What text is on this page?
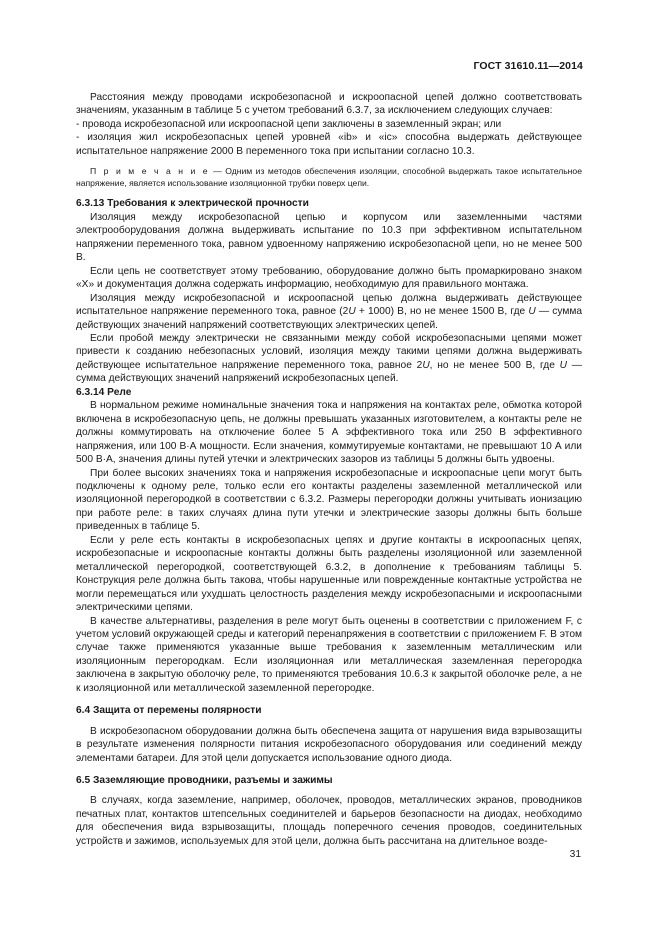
ГОСТ 31610.11—2014

Расстояния между проводами искробезопасной и искроопасной цепей должно соответствовать значениям, указанным в таблице 5 с учетом требований 6.3.7, за исключением следующих случаев:

- провода искробезопасной или искроопасной цепи заключены в заземленный экран; или

- изоляция жил искробезопасных цепей уровней «ib» и «ic» способна выдержать действующее испытательное напряжение 2000 В переменного тока при испытании согласно 10.3.

П р и м е ч а н и е — Одним из методов обеспечения изоляции, способной выдержать такое испытательное напряжение, является использование изоляционной трубки поверх цепи.

6.3.13 Требования к электрической прочности

Изоляция между искробезопасной цепью и корпусом или заземленными частями электрооборудования должна выдерживать испытание по 10.3 при эффективном испытательном напряжении переменного тока, равном удвоенному напряжению искробезопасной цепи, но не менее 500 В.

Если цепь не соответствует этому требованию, оборудование должно быть промаркировано знаком «Х» и документация должна содержать информацию, необходимую для правильного монтажа.

Изоляция между искробезопасной и искроопасной цепью должна выдерживать действующее испытательное напряжение переменного тока, равное (2U + 1000) В, но не менее 1500 В, где U — сумма действующих значений напряжений соответствующих электрических цепей.

Если пробой между электрически не связанными между собой искробезопасными цепями может привести к созданию небезопасных условий, изоляция между такими цепями должна выдерживать действующее испытательное напряжение переменного тока, равное 2U, но не менее 500 В, где U — сумма действующих значений напряжений искробезопасных цепей.

6.3.14 Реле

В нормальном режиме номинальные значения тока и напряжения на контактах реле, обмотка которой включена в искробезопасную цепь, не должны превышать указанных изготовителем, а контакты реле не должны коммутировать на отключение более 5 А эффективного тока или 250 В эффективного напряжения, или 100 В·А мощности. Если значения, коммутируемые контактами, не превышают 10 А или 500 В·А, значения длины путей утечки и электрических зазоров из таблицы 5 должны быть удвоены.

При более высоких значениях тока и напряжения искробезопасные и искроопасные цепи могут быть подключены к одному реле, только если его контакты разделены заземленной металлической или изоляционной перегородкой в соответствии с 6.3.2. Размеры перегородки должны учитывать ионизацию при работе реле: в таких случаях длина пути утечки и электрические зазоры должны быть больше приведенных в таблице 5.

Если у реле есть контакты в искробезопасных цепях и другие контакты в искроопасных цепях, искробезопасные и искроопасные контакты должны быть разделены изоляционной или заземленной металлической перегородкой, соответствующей 6.3.2, в дополнение к требованиям таблицы 5. Конструкция реле должна быть такова, чтобы нарушенные или поврежденные контактные устройства не могли перемещаться или ухудшать целостность разделения между искробезопасными и искроопасными электрическими цепями.

В качестве альтернативы, разделения в реле могут быть оценены в соответствии с приложением F, с учетом условий окружающей среды и категорий перенапряжения в соответствии с приложением F. В этом случае также применяются указанные выше требования к заземленным металлическим или изоляционным перегородкам. Если изоляционная или металлическая заземленная перегородка заключена в закрытую оболочку реле, то применяются требования 10.6.3 к закрытой оболочке реле, а не к изоляционной или металлической заземленной перегородке.

6.4 Защита от перемены полярности

В искробезопасном оборудовании должна быть обеспечена защита от нарушения вида взрывозащиты в результате изменения полярности питания искробезопасного оборудования или соединений между элементами батареи. Для этой цели допускается использование одного диода.

6.5 Заземляющие проводники, разъемы и зажимы

В случаях, когда заземление, например, оболочек, проводов, металлических экранов, проводников печатных плат, контактов штепсельных соединителей и барьеров безопасности на диодах, необходимо для обеспечения вида взрывозащиты, площадь поперечного сечения проводов, соединительных устройств и зажимов, используемых для этой цели, должна быть рассчитана на длительное возде-

31
